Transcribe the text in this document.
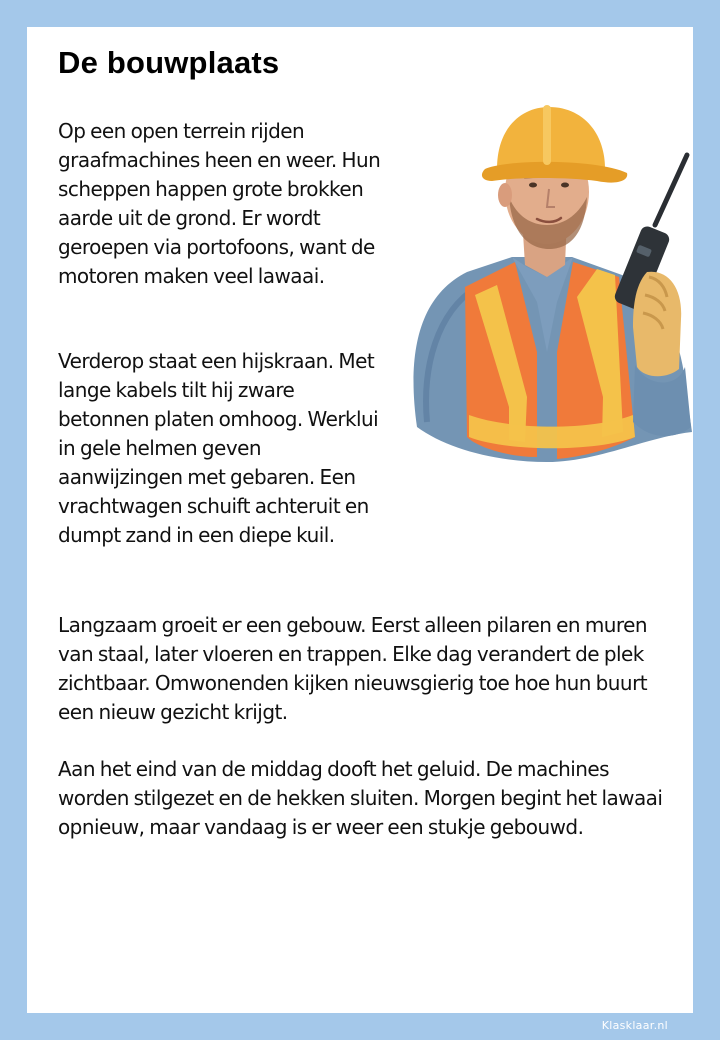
De bouwplaats

Op een open terrein rijden graafmachines heen en weer. Hun scheppen happen grote brokken aarde uit de grond. Er wordt geroepen via portofoons, want de motoren maken veel lawaai.

Verderop staat een hijskraan. Met lange kabels tilt hij zware betonnen platen omhoog. Werklui in gele helmen geven aanwijzingen met gebaren. Een vrachtwagen schuift achteruit en dumpt zand in een diepe kuil.

Langzaam groeit er een gebouw. Eerst alleen pilaren en muren van staal, later vloeren en trappen. Elke dag verandert de plek zichtbaar. Omwonenden kijken nieuwsgierig toe hoe hun buurt een nieuw gezicht krijgt.

Aan het eind van de middag dooft het geluid. De machines worden stilgezet en de hekken sluiten. Morgen begint het lawaai opnieuw, maar vandaag is er weer een stukje gebouwd.

Klasklaar.nl
